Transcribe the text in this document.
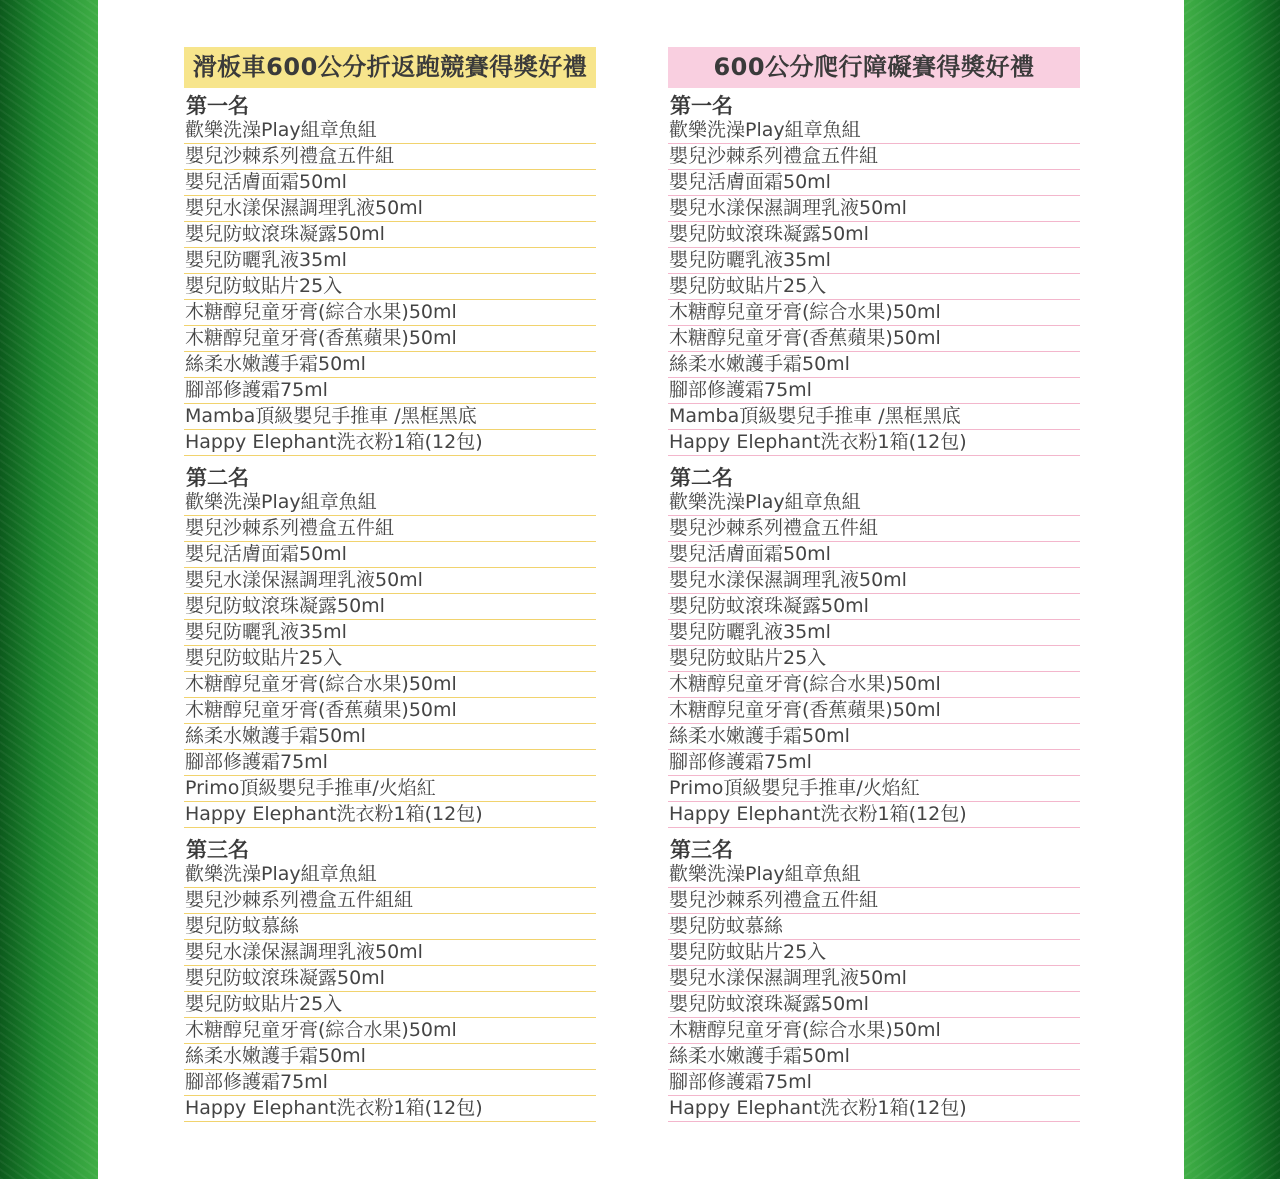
滑板車600公分折返跑競賽得獎好禮
第一名
歡樂洗澡Play組章魚組
嬰兒沙棘系列禮盒五件組
嬰兒活膚面霜50ml
嬰兒水漾保濕調理乳液50ml
嬰兒防蚊滾珠凝露50ml
嬰兒防曬乳液35ml
嬰兒防蚊貼片25入
木糖醇兒童牙膏(綜合水果)50ml
木糖醇兒童牙膏(香蕉蘋果)50ml
絲柔水嫩護手霜50ml
腳部修護霜75ml
Mamba頂級嬰兒手推車 /黑框黑底
Happy Elephant洗衣粉1箱(12包)
第二名
歡樂洗澡Play組章魚組
嬰兒沙棘系列禮盒五件組
嬰兒活膚面霜50ml
嬰兒水漾保濕調理乳液50ml
嬰兒防蚊滾珠凝露50ml
嬰兒防曬乳液35ml
嬰兒防蚊貼片25入
木糖醇兒童牙膏(綜合水果)50ml
木糖醇兒童牙膏(香蕉蘋果)50ml
絲柔水嫩護手霜50ml
腳部修護霜75ml
Primo頂級嬰兒手推車/火焰紅
Happy Elephant洗衣粉1箱(12包)
第三名
歡樂洗澡Play組章魚組
嬰兒沙棘系列禮盒五件組組
嬰兒防蚊慕絲
嬰兒水漾保濕調理乳液50ml
嬰兒防蚊滾珠凝露50ml
嬰兒防蚊貼片25入
木糖醇兒童牙膏(綜合水果)50ml
絲柔水嫩護手霜50ml
腳部修護霜75ml
Happy Elephant洗衣粉1箱(12包)
600公分爬行障礙賽得獎好禮
第一名
歡樂洗澡Play組章魚組
嬰兒沙棘系列禮盒五件組
嬰兒活膚面霜50ml
嬰兒水漾保濕調理乳液50ml
嬰兒防蚊滾珠凝露50ml
嬰兒防曬乳液35ml
嬰兒防蚊貼片25入
木糖醇兒童牙膏(綜合水果)50ml
木糖醇兒童牙膏(香蕉蘋果)50ml
絲柔水嫩護手霜50ml
腳部修護霜75ml
Mamba頂級嬰兒手推車 /黑框黑底
Happy Elephant洗衣粉1箱(12包)
第二名
歡樂洗澡Play組章魚組
嬰兒沙棘系列禮盒五件組
嬰兒活膚面霜50ml
嬰兒水漾保濕調理乳液50ml
嬰兒防蚊滾珠凝露50ml
嬰兒防曬乳液35ml
嬰兒防蚊貼片25入
木糖醇兒童牙膏(綜合水果)50ml
木糖醇兒童牙膏(香蕉蘋果)50ml
絲柔水嫩護手霜50ml
腳部修護霜75ml
Primo頂級嬰兒手推車/火焰紅
Happy Elephant洗衣粉1箱(12包)
第三名
歡樂洗澡Play組章魚組
嬰兒沙棘系列禮盒五件組
嬰兒防蚊慕絲
嬰兒防蚊貼片25入
嬰兒水漾保濕調理乳液50ml
嬰兒防蚊滾珠凝露50ml
木糖醇兒童牙膏(綜合水果)50ml
絲柔水嫩護手霜50ml
腳部修護霜75ml
Happy Elephant洗衣粉1箱(12包)
